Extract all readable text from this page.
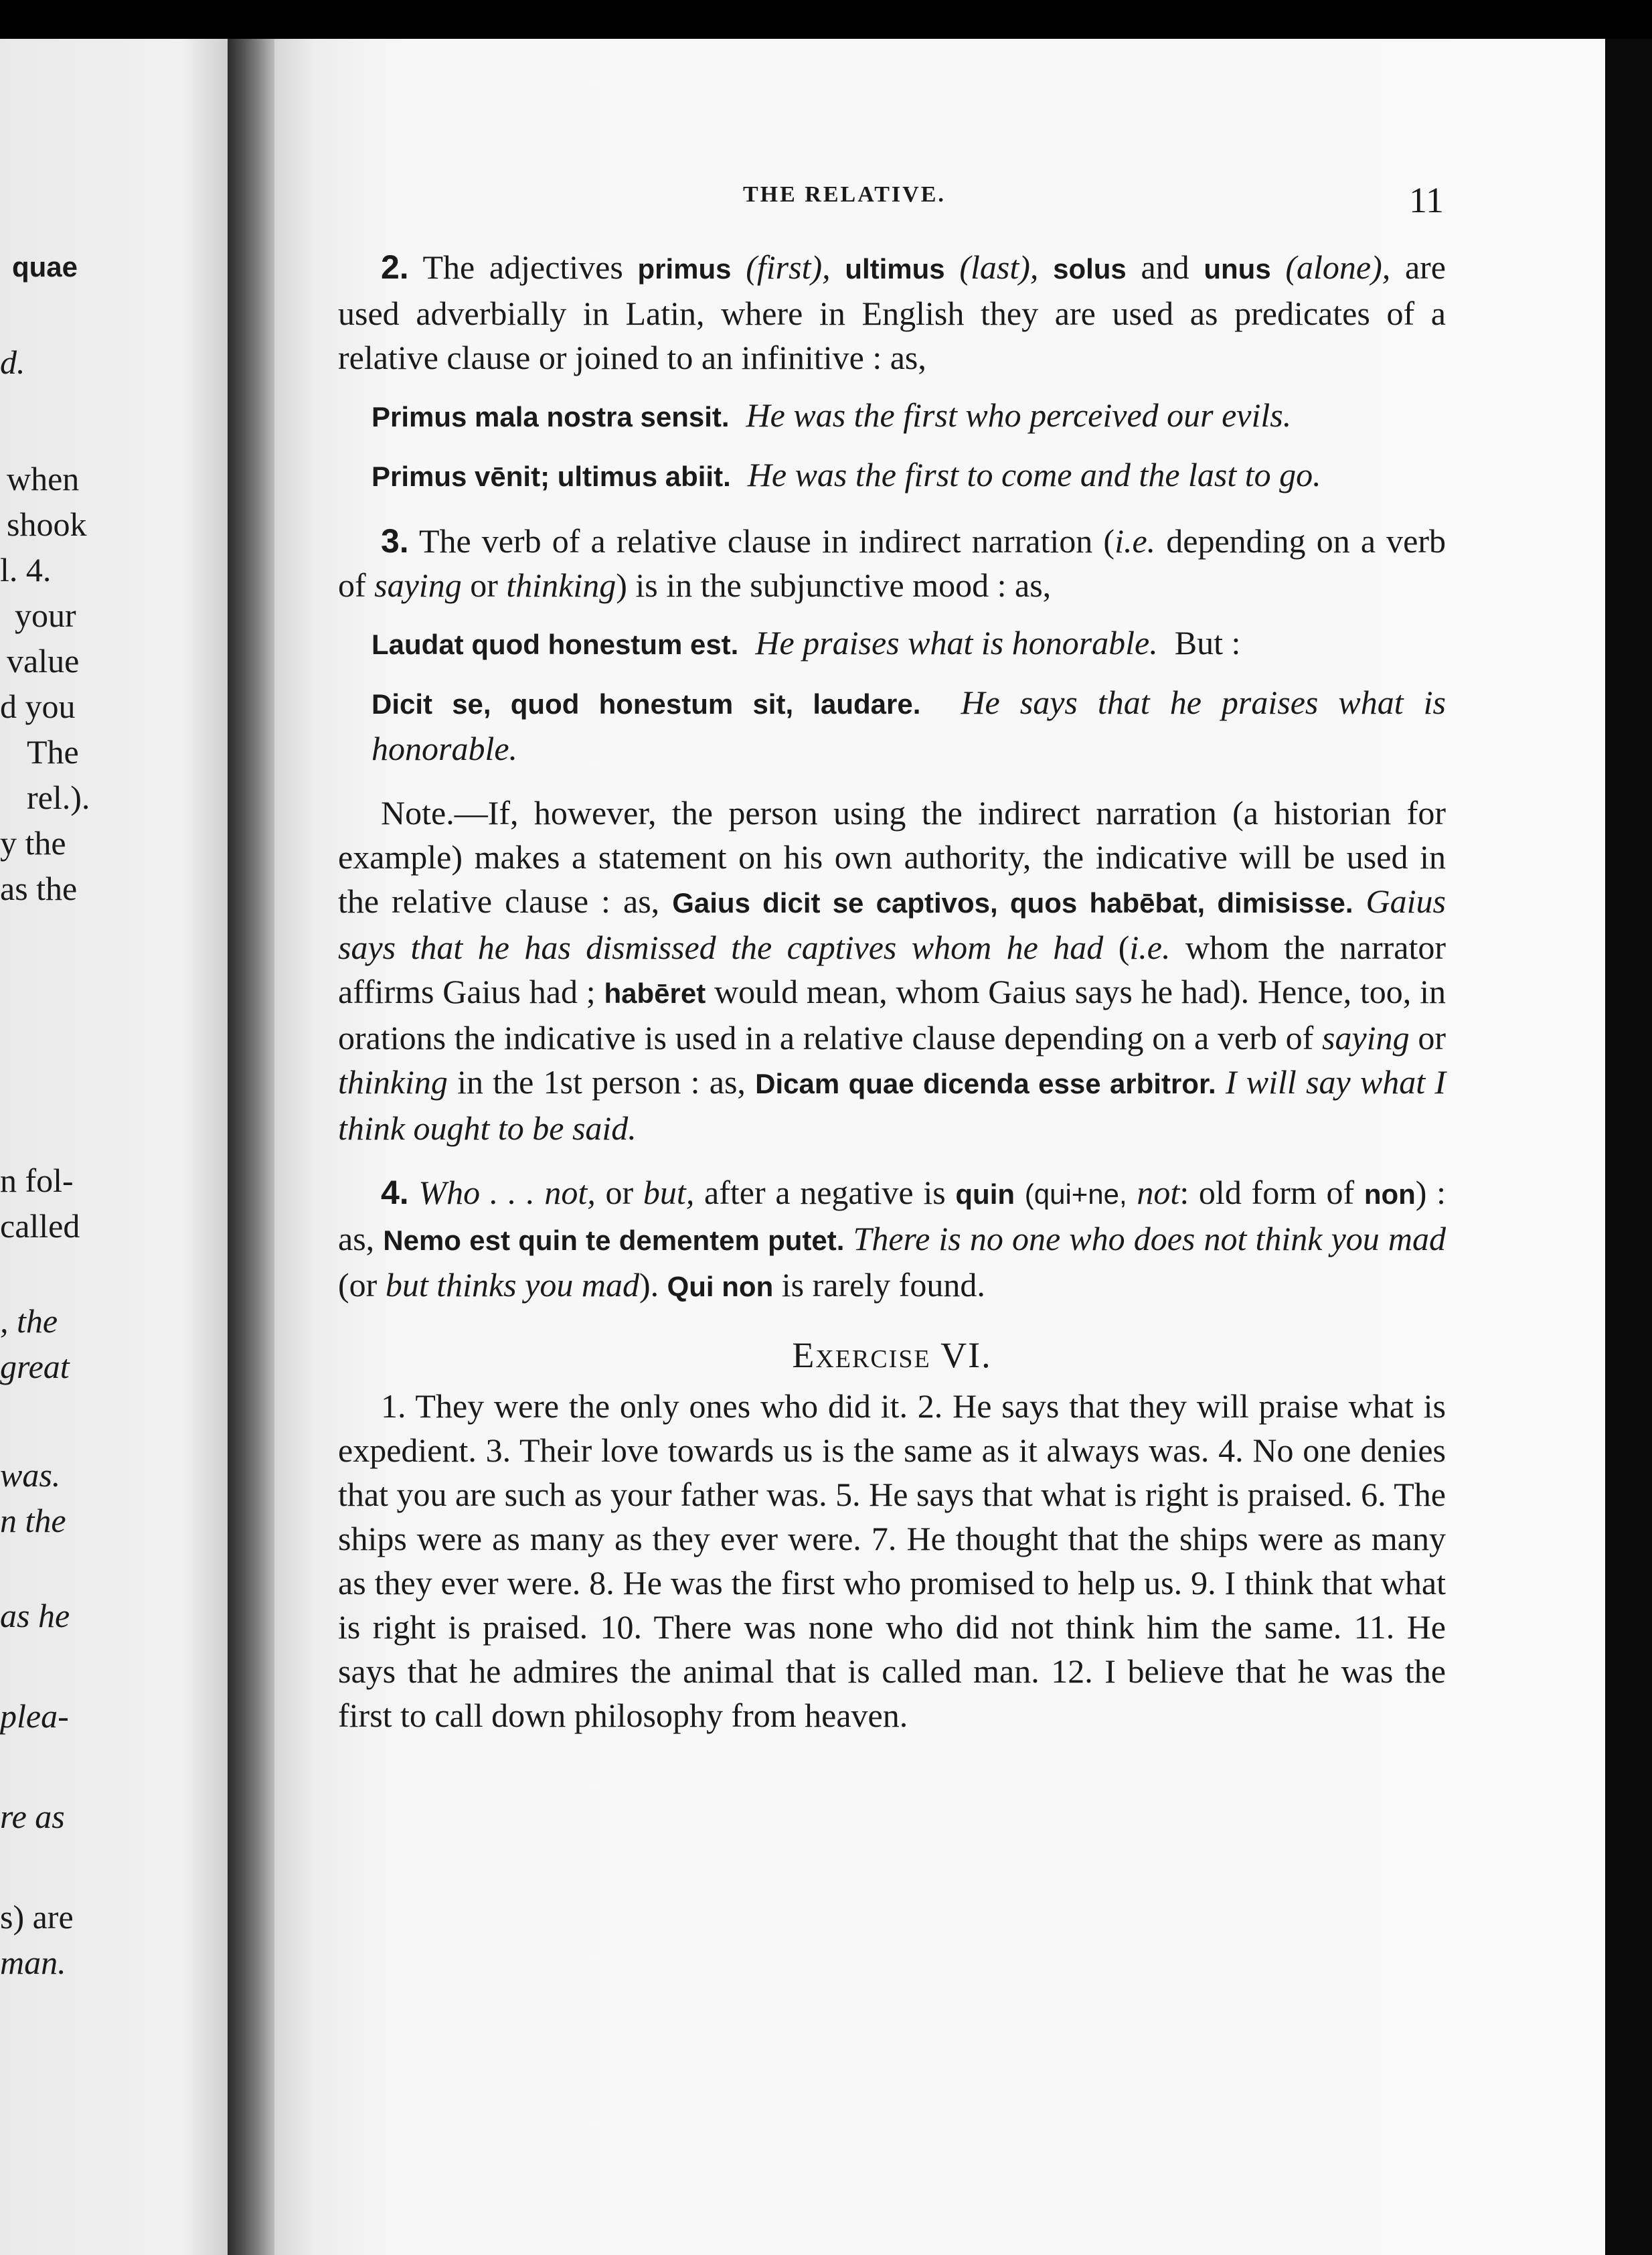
quae
d.
when
shook
l. 4.
your
value
d you
The
rel.).
y the
as the
n fol-
called
, the
great
was.
n the
as he
plea-
re as
s) are
man.
THE RELATIVE.	11

2. The adjectives primus (first), ultimus (last), solus and unus (alone), are used adverbially in Latin, where in English they are used as predicates of a relative clause or joined to an infinitive : as,

Primus mala nostra sensit. He was the first who perceived our evils.

Primus vēnit; ultimus abiit. He was the first to come and the last to go.

3. The verb of a relative clause in indirect narration (i.e. depending on a verb of saying or thinking) is in the subjunctive mood : as,

Laudat quod honestum est. He praises what is honorable. But :

Dicit se, quod honestum sit, laudare. He says that he praises what is honorable.

Note.—If, however, the person using the indirect narration (a historian for example) makes a statement on his own authority, the indicative will be used in the relative clause : as, Gaius dicit se captivos, quos habēbat, dimisisse. Gaius says that he has dismissed the captives whom he had (i.e. whom the narrator affirms Gaius had ; habēret would mean, whom Gaius says he had). Hence, too, in orations the indicative is used in a relative clause depending on a verb of saying or thinking in the 1st person : as, Dicam quae dicenda esse arbitror. I will say what I think ought to be said.

4. Who . . . not, or but, after a negative is quin (qui+ne, not: old form of non) : as, Nemo est quin te dementem putet. There is no one who does not think you mad (or but thinks you mad). Qui non is rarely found.

Exercise VI.

1. They were the only ones who did it. 2. He says that they will praise what is expedient. 3. Their love towards us is the same as it always was. 4. No one denies that you are such as your father was. 5. He says that what is right is praised. 6. The ships were as many as they ever were. 7. He thought that the ships were as many as they ever were. 8. He was the first who promised to help us. 9. I think that what is right is praised. 10. There was none who did not think him the same. 11. He says that he admires the animal that is called man. 12. I believe that he was the first to call down philosophy from heaven.
